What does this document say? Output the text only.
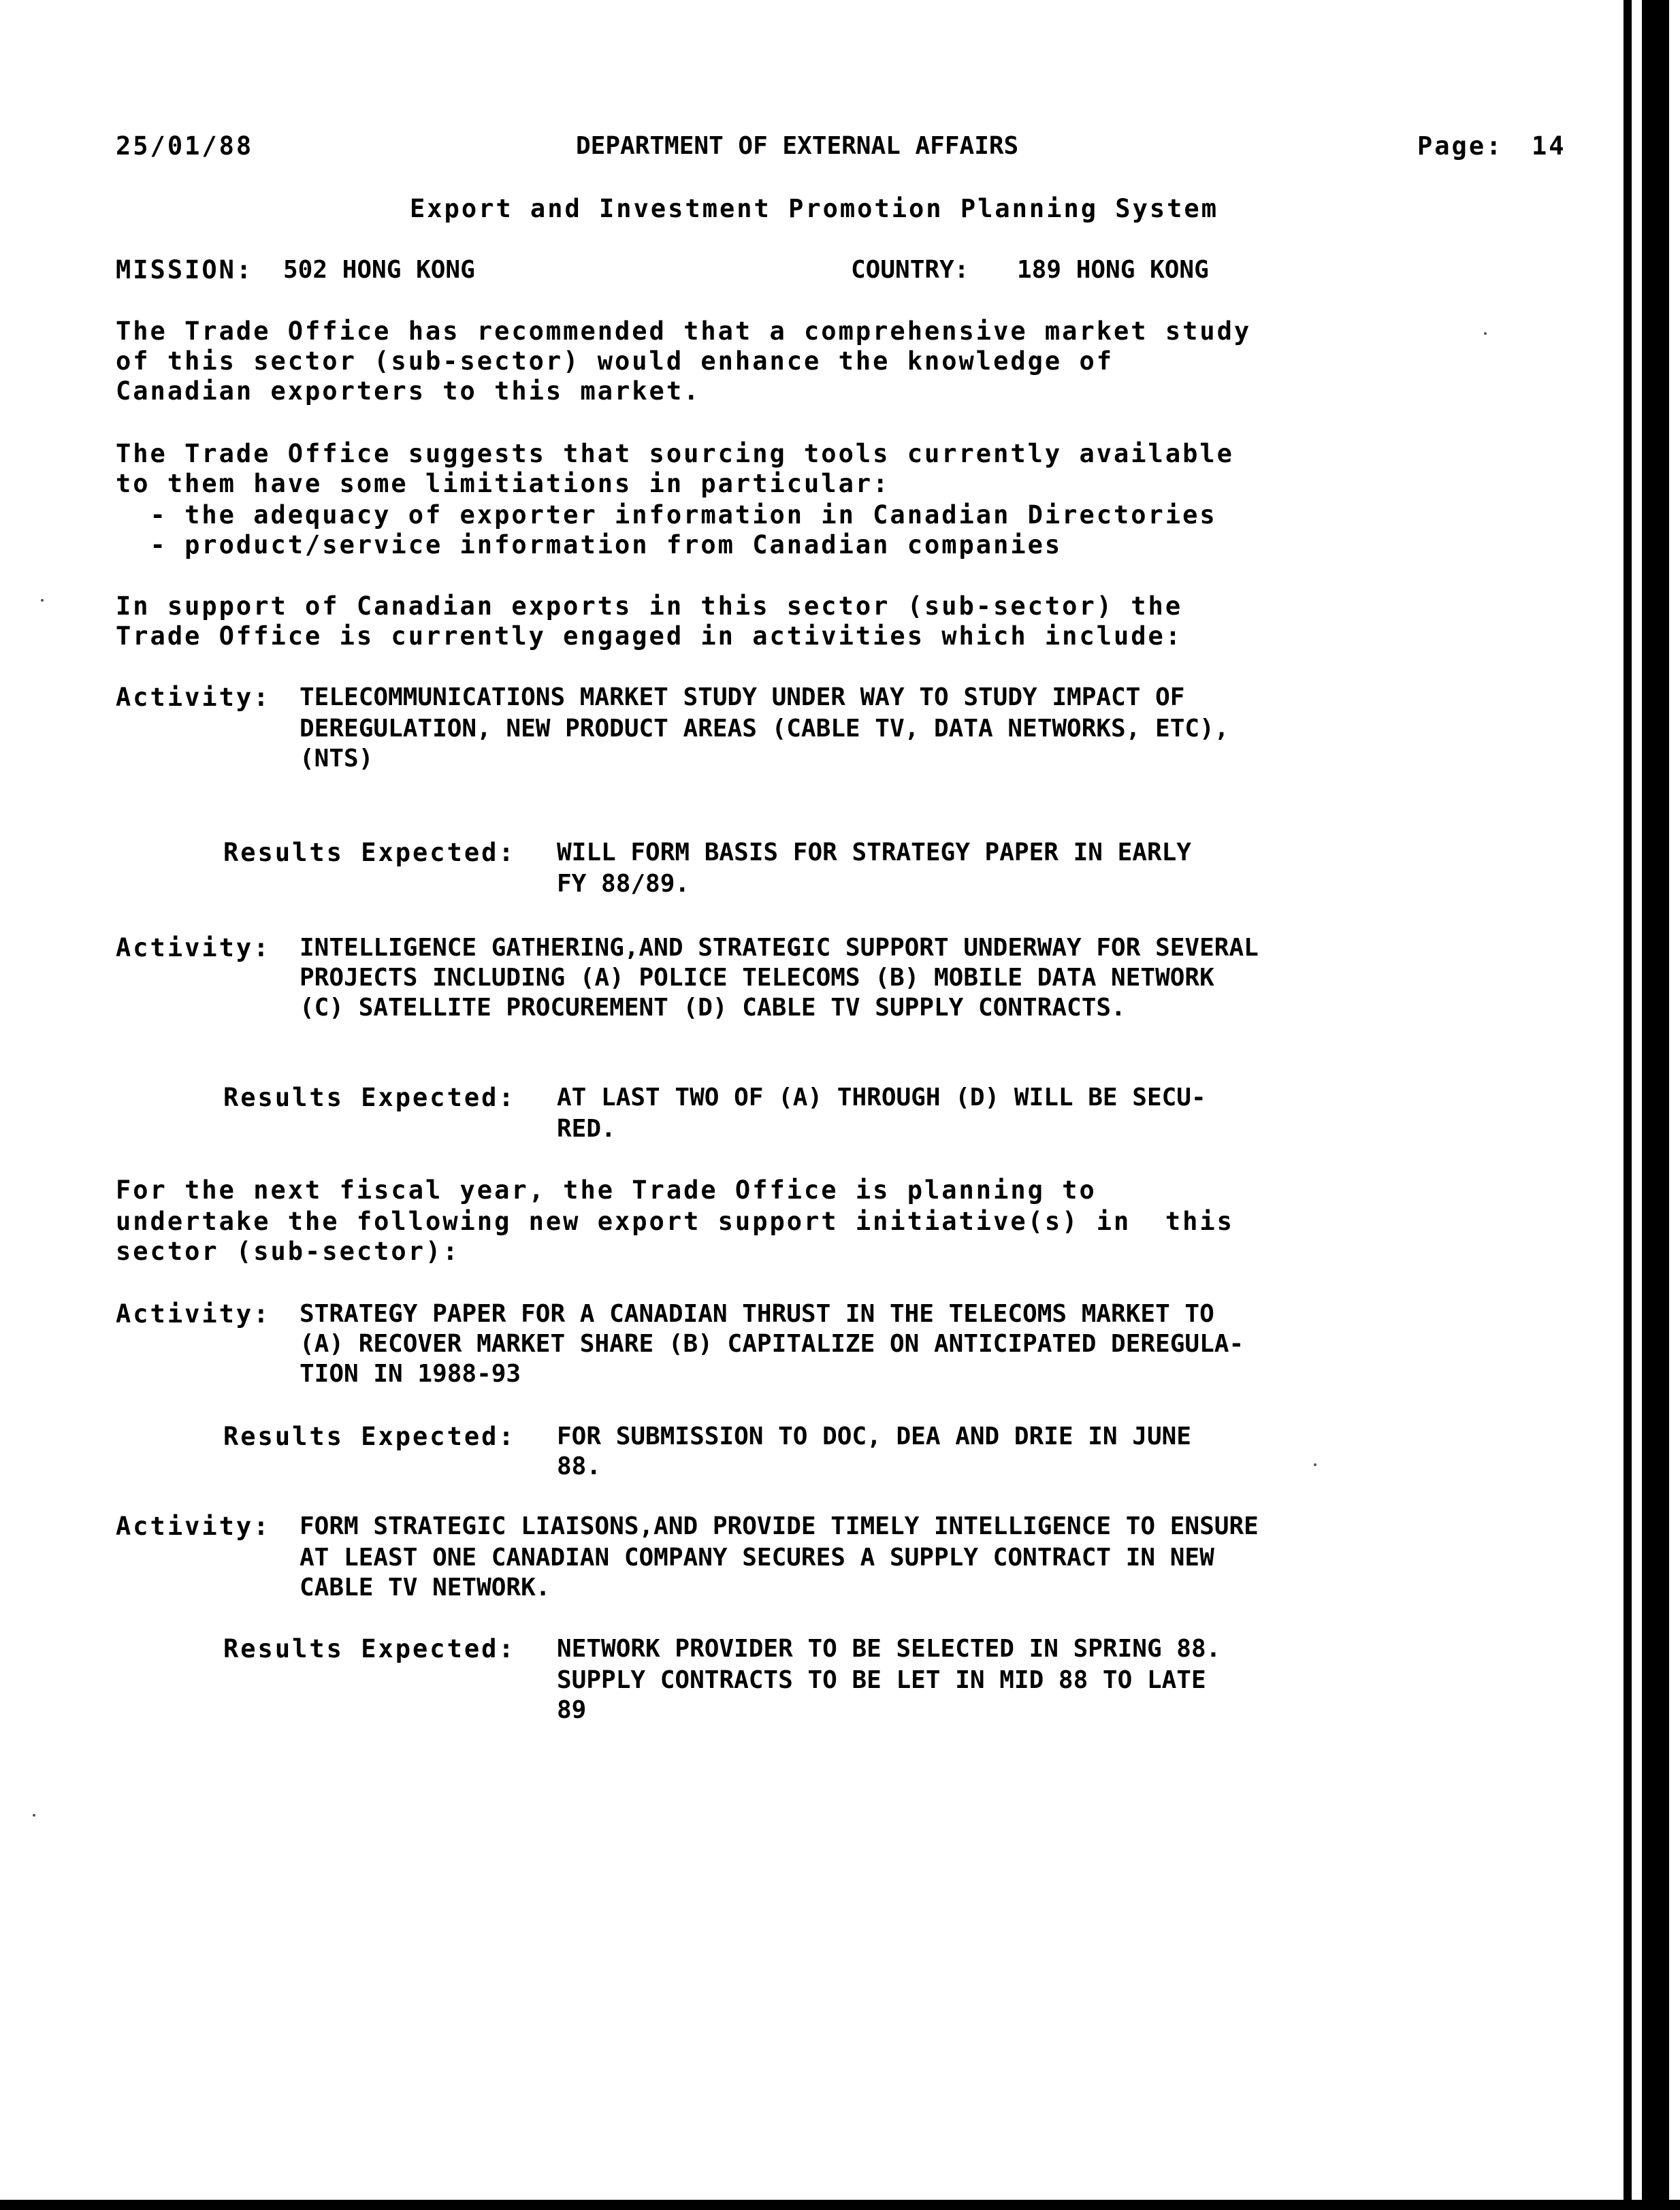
25/01/88	DEPARTMENT OF EXTERNAL AFFAIRS	Page: 14
Export and Investment Promotion Planning System
MISSION: 502 HONG KONG	COUNTRY: 189 HONG KONG
The Trade Office has recommended that a comprehensive market study
of this sector (sub-sector) would enhance the knowledge of
Canadian exporters to this market.
The Trade Office suggests that sourcing tools currently available
to them have some limitiations in particular:
- the adequacy of exporter information in Canadian Directories
- product/service information from Canadian companies
In support of Canadian exports in this sector (sub-sector) the
Trade Office is currently engaged in activities which include:
Activity: TELECOMMUNICATIONS MARKET STUDY UNDER WAY TO STUDY IMPACT OF
DEREGULATION, NEW PRODUCT AREAS (CABLE TV, DATA NETWORKS, ETC),
(NTS)
Results Expected: WILL FORM BASIS FOR STRATEGY PAPER IN EARLY
FY 88/89.
Activity: INTELLIGENCE GATHERING,AND STRATEGIC SUPPORT UNDERWAY FOR SEVERAL
PROJECTS INCLUDING (A) POLICE TELECOMS (B) MOBILE DATA NETWORK
(C) SATELLITE PROCUREMENT (D) CABLE TV SUPPLY CONTRACTS.
Results Expected: AT LAST TWO OF (A) THROUGH (D) WILL BE SECU-
RED.
For the next fiscal year, the Trade Office is planning to
undertake the following new export support initiative(s) in  this
sector (sub-sector):
Activity: STRATEGY PAPER FOR A CANADIAN THRUST IN THE TELECOMS MARKET TO
(A) RECOVER MARKET SHARE (B) CAPITALIZE ON ANTICIPATED DEREGULA-
TION IN 1988-93
Results Expected: FOR SUBMISSION TO DOC, DEA AND DRIE IN JUNE
88.
Activity: FORM STRATEGIC LIAISONS,AND PROVIDE TIMELY INTELLIGENCE TO ENSURE
AT LEAST ONE CANADIAN COMPANY SECURES A SUPPLY CONTRACT IN NEW
CABLE TV NETWORK.
Results Expected: NETWORK PROVIDER TO BE SELECTED IN SPRING 88.
SUPPLY CONTRACTS TO BE LET IN MID 88 TO LATE
89
